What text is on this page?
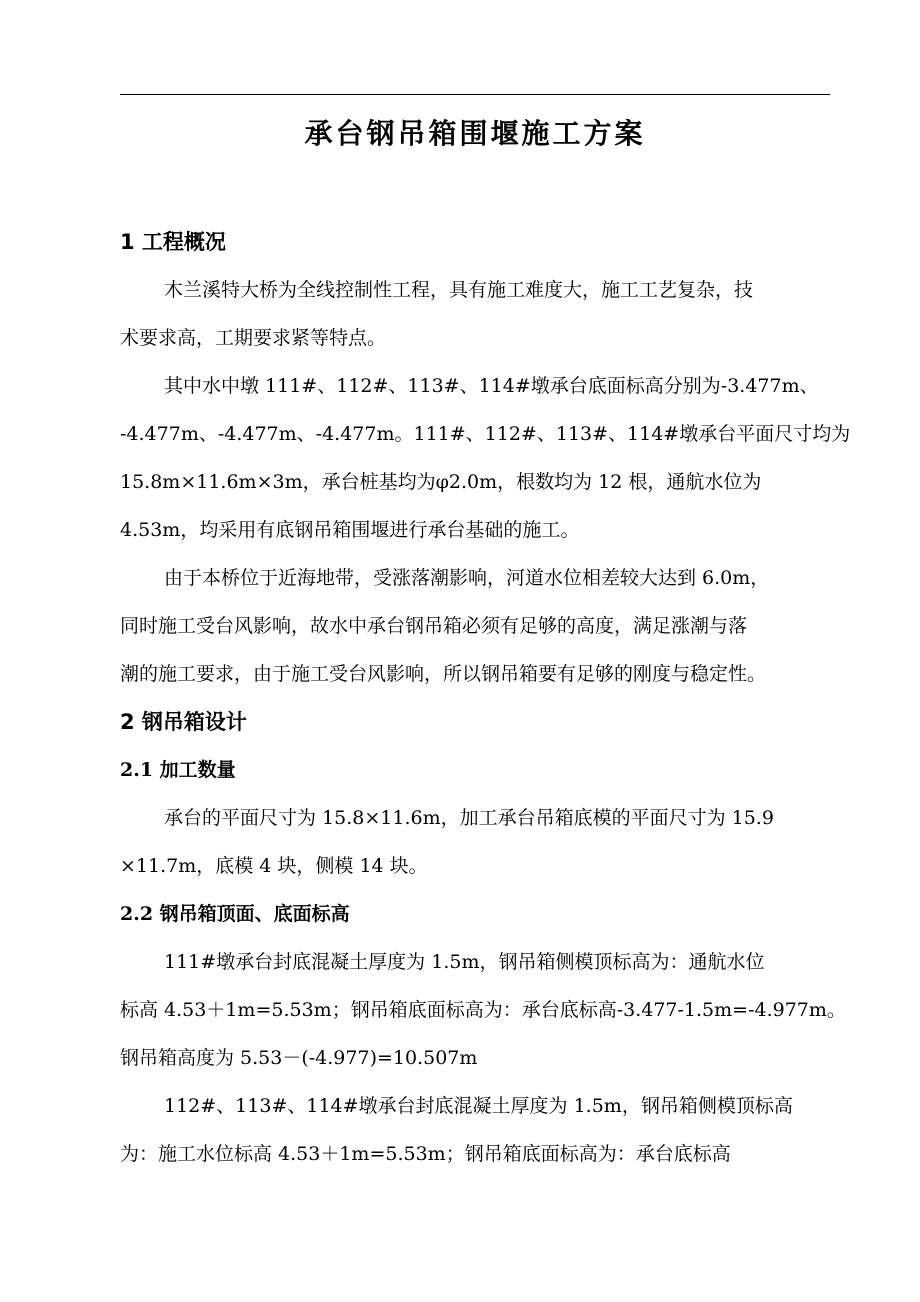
承台钢吊箱围堰施工方案
1 工程概况

木兰溪特大桥为全线控制性工程，具有施工难度大，施工工艺复杂，技
术要求高，工期要求紧等特点。

其中水中墩 111#、112#、113#、114#墩承台底面标高分别为-3.477m、
-4.477m、-4.477m、-4.477m。111#、112#、113#、114#墩承台平面尺寸均为
15.8m×11.6m×3m，承台桩基均为φ2.0m，根数均为 12 根，通航水位为
4.53m，均采用有底钢吊箱围堰进行承台基础的施工。

由于本桥位于近海地带，受涨落潮影响，河道水位相差较大达到 6.0m，
同时施工受台风影响，故水中承台钢吊箱必须有足够的高度，满足涨潮与落
潮的施工要求，由于施工受台风影响，所以钢吊箱要有足够的刚度与稳定性。

2 钢吊箱设计
2.1 加工数量

承台的平面尺寸为 15.8×11.6m，加工承台吊箱底模的平面尺寸为 15.9
×11.7m，底模 4 块，侧模 14 块。

2.2 钢吊箱顶面、底面标高

111#墩承台封底混凝土厚度为 1.5m，钢吊箱侧模顶标高为：通航水位
标高 4.53＋1m=5.53m；钢吊箱底面标高为：承台底标高-3.477-1.5m=-4.977m。
钢吊箱高度为 5.53－(-4.977)=10.507m

112#、113#、114#墩承台封底混凝土厚度为 1.5m，钢吊箱侧模顶标高
为：施工水位标高 4.53＋1m=5.53m；钢吊箱底面标高为：承台底标高
